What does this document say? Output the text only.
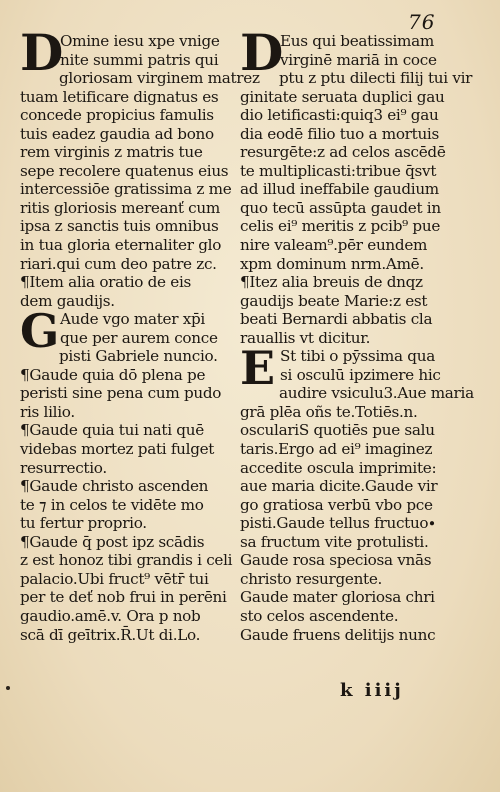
76
D
Omine iesu xpe vnige
nite summi patris qui
gloriosam virginem matrez
tuam letificare dignatus es
concede propicius famulis
tuis eadez gaudia ad bono
rem virginis z matris tue
sepe recolere quatenus eius
intercessiōe gratissima z me
ritis gloriosis mereanť cum
ipsa z sanctis tuis omnibus
in tua gloria eternaliter glo
riari.qui cum deo patre zc.
¶Item alia oratio de eis
dem gaudijs.
G Aude vgo mater xp̄i
que per aurem conce
pisti Gabriele nuncio.
¶Gaude quia dō plena pe
peristi sine pena cum pudo
ris lilio.
¶Gaude quia tui nati quē
videbas mortez pati fulget
resurrectio.
¶Gaude christo ascenden
te ⁊ in celos te vidēte mo
tu fertur proprio.
¶Gaude q̄ post ipz scādis
z est honoz tibi grandis i celi
palacio.Ubi fruct⁹ vētr̄ tui
per te deť nob frui in perēni
gaudio.amē.v. Ora p nob
scā dī geītrix.R̄.Ut di.Lo.
D
Eus qui beatissimam
virginē mariā in coce
ptu z ptu dilecti filij tui vir
ginitate seruata duplici gau
dio letificasti:quiq3 ei⁹ gau
dia eodē filio tuo a mortuis
resurgēte:z ad celos ascēdē
te multiplicasti:tribue q̄svt
ad illud ineffabile gaudium
quo tecū assūpta gaudet in
celis ei⁹ meritis z pcib⁹ pue
nire valeam⁹.pēr eundem
xpm dominum nrm.Amē.
¶Itez alia breuis de dnqz
gaudijs beate Marie:z est
beati Bernardi abbatis cla
rauallis vt dicitur.
E St tibi o pȳssima qua
si osculū ipzimere hic
audire vsiculu3.Aue maria
grā plēa oñs te.Totiēs.n.
osculariS quotiēs pue salu
taris.Ergo ad ei⁹ imaginez
accedite oscula imprimite:
aue maria dicite.Gaude vir
go gratiosa verbū vbo pce
pisti.Gaude tellus fructuo∙
sa fructum vite protulisti.
Gaude rosa speciosa vnās
christo resurgente.
Gaude mater gloriosa chri
sto celos ascendente.
Gaude fruens delitijs nunc
k iiij
